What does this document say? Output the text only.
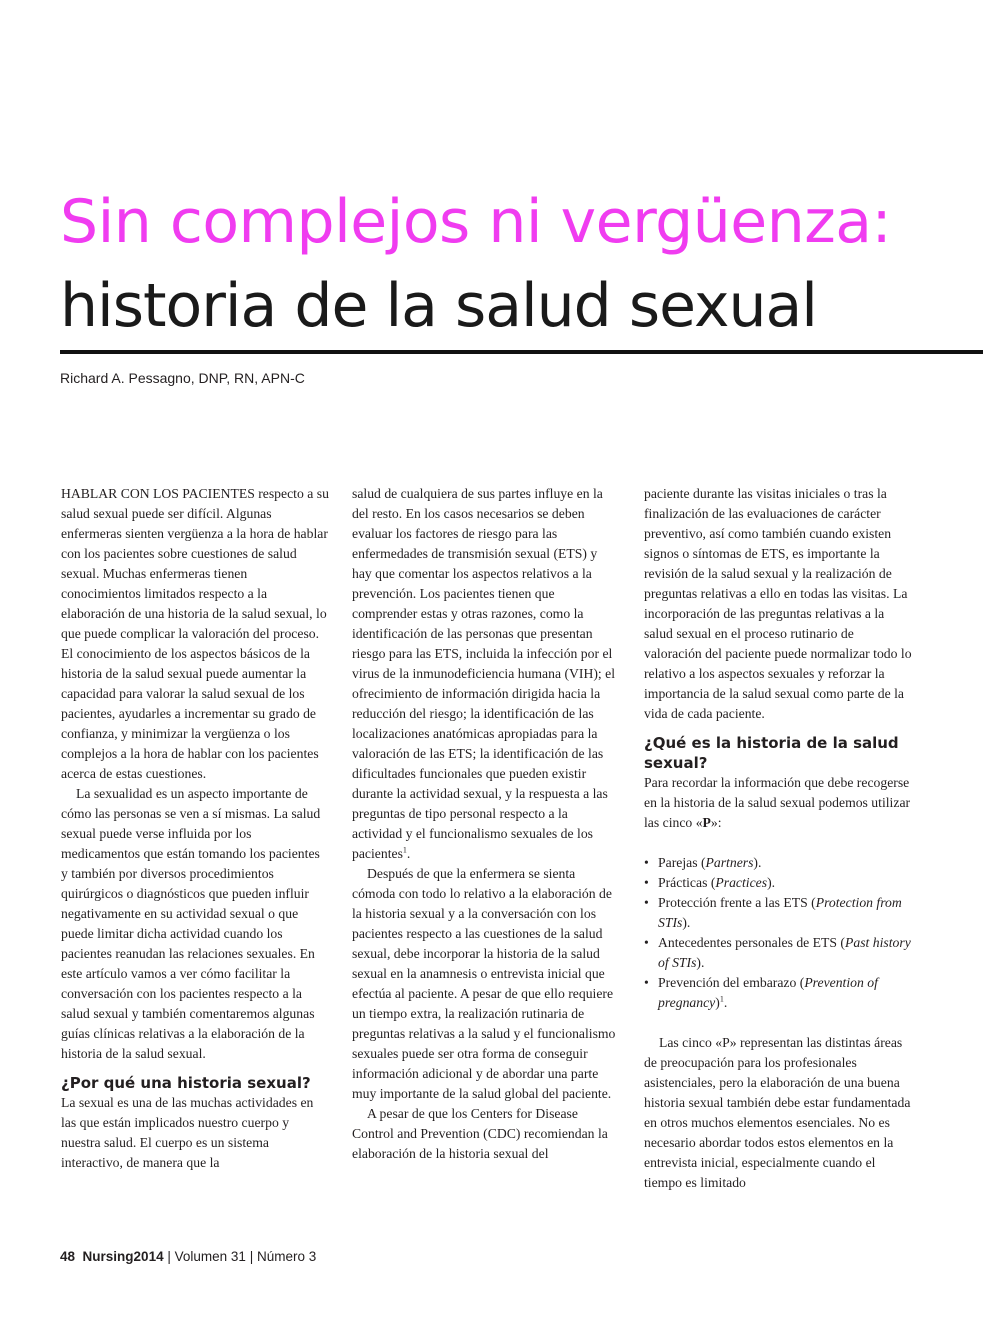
Sin complejos ni vergüenza:
historia de la salud sexual
Richard A. Pessagno, DNP, RN, APN-C

HABLAR CON LOS PACIENTES respecto a su salud sexual puede ser difícil. Algunas enfermeras sienten vergüenza a la hora de hablar con los pacientes sobre cuestiones de salud sexual. Muchas enfermeras tienen conocimientos limitados respecto a la elaboración de una historia de la salud sexual, lo que puede complicar la valoración del proceso. El conocimiento de los aspectos básicos de la historia de la salud sexual puede aumentar la capacidad para valorar la salud sexual de los pacientes, ayudarles a incrementar su grado de confianza, y minimizar la vergüenza o los complejos a la hora de hablar con los pacientes acerca de estas cuestiones.

La sexualidad es un aspecto importante de cómo las personas se ven a sí mismas. La salud sexual puede verse influida por los medicamentos que están tomando los pacientes y también por diversos procedimientos quirúrgicos o diagnósticos que pueden influir negativamente en su actividad sexual o que puede limitar dicha actividad cuando los pacientes reanudan las relaciones sexuales. En este artículo vamos a ver cómo facilitar la conversación con los pacientes respecto a la salud sexual y también comentaremos algunas guías clínicas relativas a la elaboración de la historia de la salud sexual.

¿Por qué una historia sexual?

La sexual es una de las muchas actividades en las que están implicados nuestro cuerpo y nuestra salud. El cuerpo es un sistema interactivo, de manera que la

salud de cualquiera de sus partes influye en la del resto. En los casos necesarios se deben evaluar los factores de riesgo para las enfermedades de transmisión sexual (ETS) y hay que comentar los aspectos relativos a la prevención. Los pacientes tienen que comprender estas y otras razones, como la identificación de las personas que presentan riesgo para las ETS, incluida la infección por el virus de la inmunodeficiencia humana (VIH); el ofrecimiento de información dirigida hacia la reducción del riesgo; la identificación de las localizaciones anatómicas apropiadas para la valoración de las ETS; la identificación de las dificultades funcionales que pueden existir durante la actividad sexual, y la respuesta a las preguntas de tipo personal respecto a la actividad y el funcionalismo sexuales de los pacientes$^1$.

Después de que la enfermera se sienta cómoda con todo lo relativo a la elaboración de la historia sexual y a la conversación con los pacientes respecto a las cuestiones de la salud sexual, debe incorporar la historia de la salud sexual en la anamnesis o entrevista inicial que efectúa al paciente. A pesar de que ello requiere un tiempo extra, la realización rutinaria de preguntas relativas a la salud y el funcionalismo sexuales puede ser otra forma de conseguir información adicional y de abordar una parte muy importante de la salud global del paciente.

A pesar de que los Centers for Disease Control and Prevention (CDC) recomiendan la elaboración de la historia sexual del

paciente durante las visitas iniciales o tras la finalización de las evaluaciones de carácter preventivo, así como también cuando existen signos o síntomas de ETS, es importante la revisión de la salud sexual y la realización de preguntas relativas a ello en todas las visitas. La incorporación de las preguntas relativas a la salud sexual en el proceso rutinario de valoración del paciente puede normalizar todo lo relativo a los aspectos sexuales y reforzar la importancia de la salud sexual como parte de la vida de cada paciente.

¿Qué es la historia de la salud sexual?

Para recordar la información que debe recogerse en la historia de la salud sexual podemos utilizar las cinco «P»:

• Parejas (Partners).
• Prácticas (Practices).
• Protección frente a las ETS (Protection from STIs).
• Antecedentes personales de ETS (Past history of STIs).
• Prevención del embarazo (Prevention of pregnancy)$^1$.

Las cinco «P» representan las distintas áreas de preocupación para los profesionales asistenciales, pero la elaboración de una buena historia sexual también debe estar fundamentada en otros muchos elementos esenciales. No es necesario abordar todos estos elementos en la entrevista inicial, especialmente cuando el tiempo es limitado

48 Nursing2014 | Volumen 31 | Número 3
